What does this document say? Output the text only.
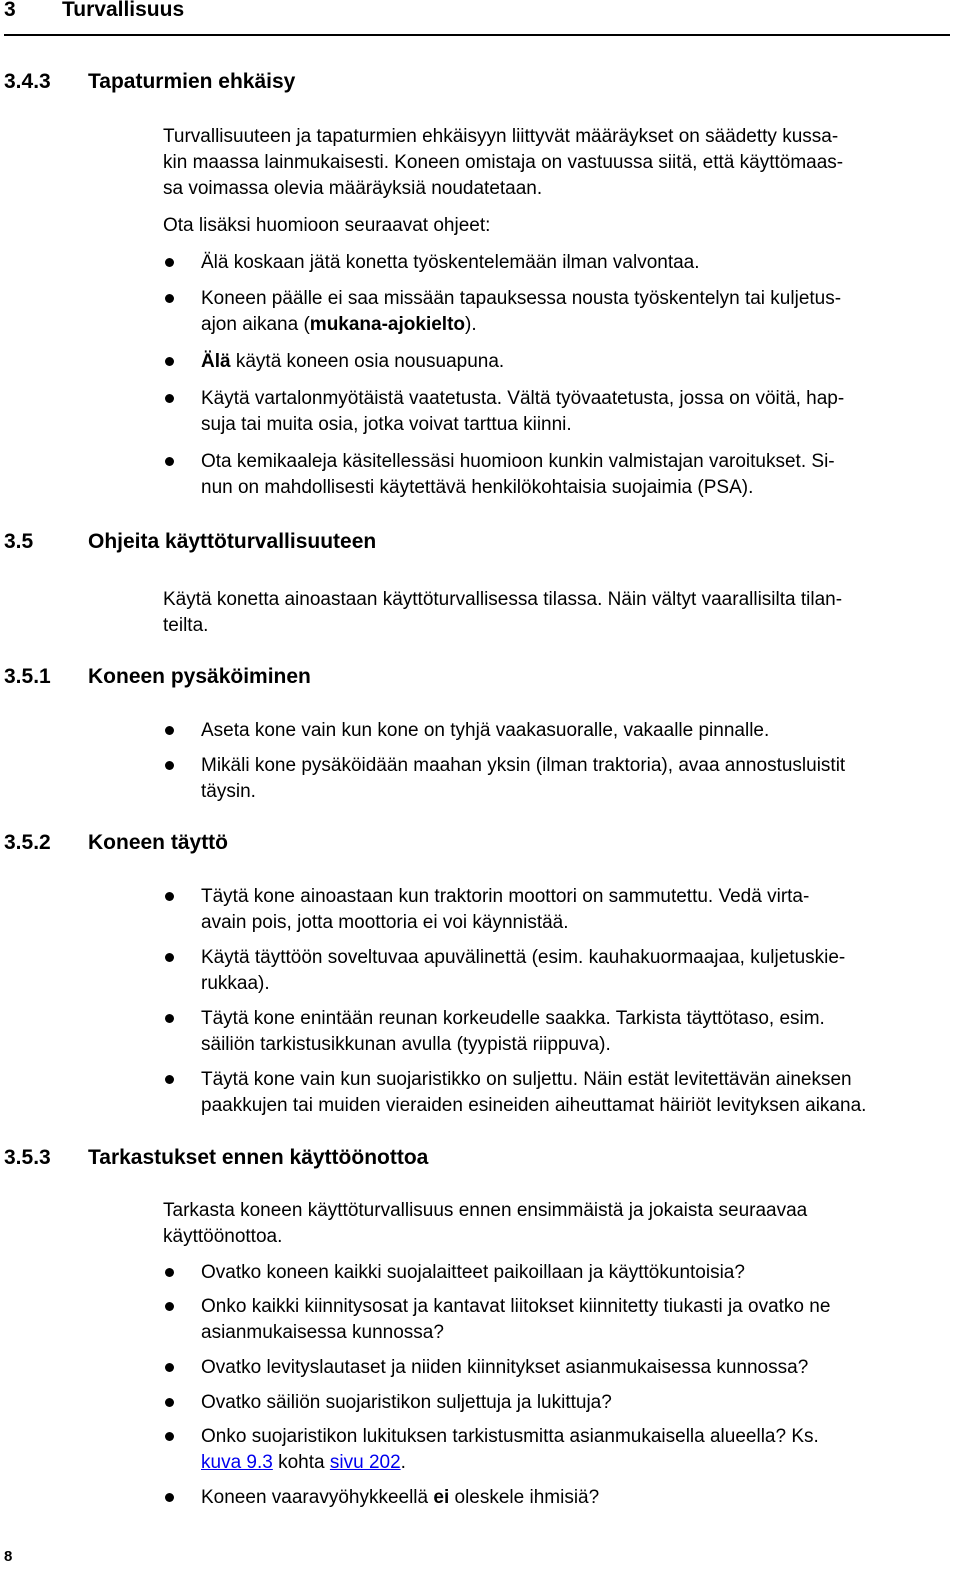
3 Turvallisuus
3.4.3 Tapaturmien ehkäisy
Turvallisuuteen ja tapaturmien ehkäisyyn liittyvät määräykset on säädetty kussa-
kin maassa lainmukaisesti. Koneen omistaja on vastuussa siitä, että käyttömaas-
sa voimassa olevia määräyksiä noudatetaan.
Ota lisäksi huomioon seuraavat ohjeet:
Älä koskaan jätä konetta työskentelemään ilman valvontaa.
Koneen päälle ei saa missään tapauksessa nousta työskentelyn tai kuljetus-
ajon aikana (mukana-ajokielto).
Älä käytä koneen osia nousuapuna.
Käytä vartalonmyötäistä vaatetusta. Vältä työvaatetusta, jossa on vöitä, hap-
suja tai muita osia, jotka voivat tarttua kiinni.
Ota kemikaaleja käsitellessäsi huomioon kunkin valmistajan varoitukset. Si-
nun on mahdollisesti käytettävä henkilökohtaisia suojaimia (PSA).
3.5	Ohjeita käyttöturvallisuuteen
Käytä konetta ainoastaan käyttöturvallisessa tilassa. Näin vältyt vaarallisilta tilan-
teilta.
3.5.1 Koneen pysäköiminen
Aseta kone vain kun kone on tyhjä vaakasuoralle, vakaalle pinnalle.
Mikäli kone pysäköidään maahan yksin (ilman traktoria), avaa annostusluistit
täysin.
3.5.2 Koneen täyttö
Täytä kone ainoastaan kun traktorin moottori on sammutettu. Vedä virta-
avain pois, jotta moottoria ei voi käynnistää.
Käytä täyttöön soveltuvaa apuvälinettä (esim. kauhakuormaajaa, kuljetuskie-
rukkaa).
Täytä kone enintään reunan korkeudelle saakka. Tarkista täyttötaso, esim.
säiliön tarkistusikkunan avulla (tyypistä riippuva).
Täytä kone vain kun suojaristikko on suljettu. Näin estät levitettävän aineksen
paakkujen tai muiden vieraiden esineiden aiheuttamat häiriöt levityksen aikana.
3.5.3 Tarkastukset ennen käyttöönottoa
Tarkasta koneen käyttöturvallisuus ennen ensimmäistä ja jokaista seuraavaa
käyttöönottoa.
Ovatko koneen kaikki suojalaitteet paikoillaan ja käyttökuntoisia?
Onko kaikki kiinnitysosat ja kantavat liitokset kiinnitetty tiukasti ja ovatko ne
asianmukaisessa kunnossa?
Ovatko levityslautaset ja niiden kiinnitykset asianmukaisessa kunnossa?
Ovatko säiliön suojaristikon suljettuja ja lukittuja?
Onko suojaristikon lukituksen tarkistusmitta asianmukaisella alueella? Ks.
kuva 9.3 kohta sivu 202.
Koneen vaaravyöhykkeellä ei oleskele ihmisiä?
8
